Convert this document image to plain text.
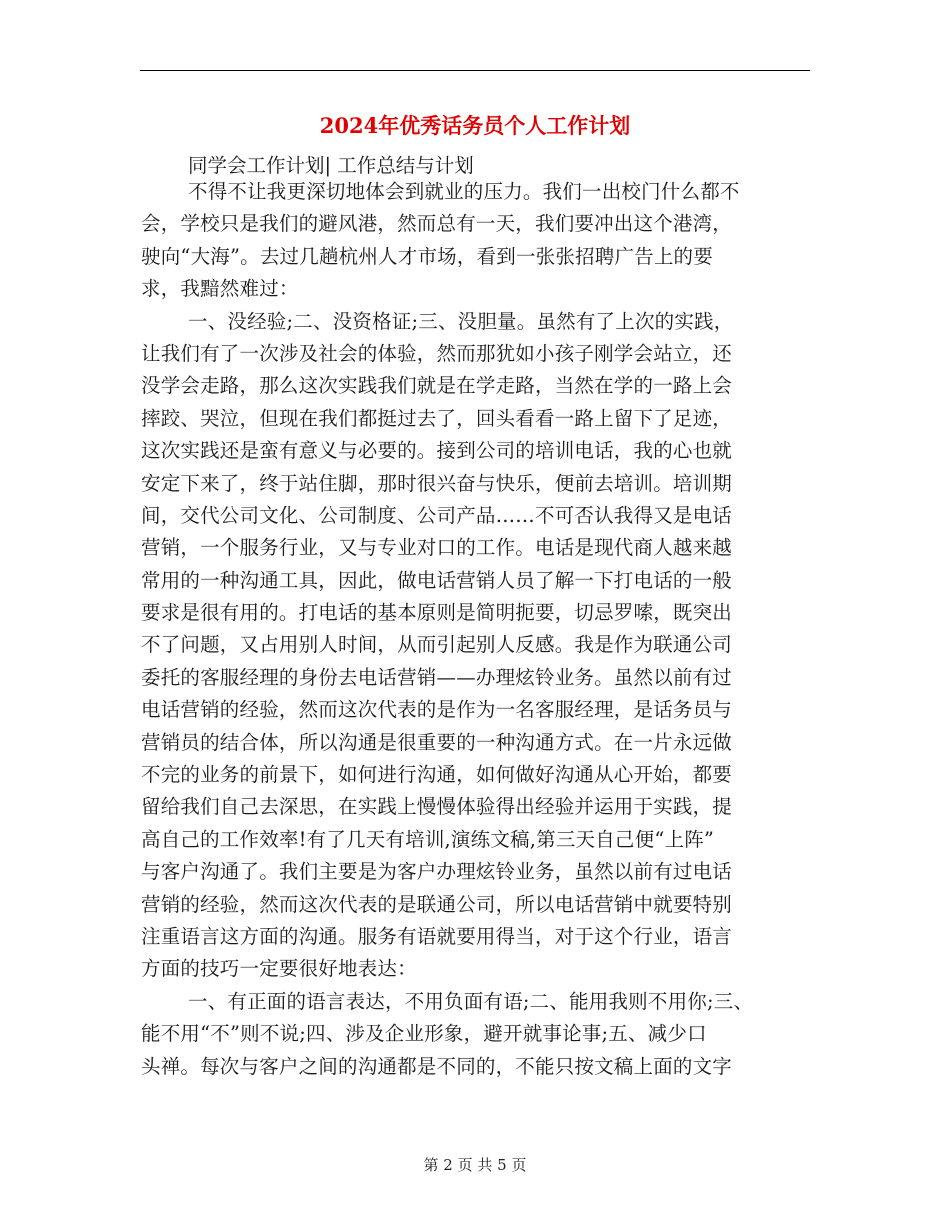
2024年优秀话务员个人工作计划
同学会工作计划| 工作总结与计划
不得不让我更深切地体会到就业的压力。我们一出校门什么都不
会，学校只是我们的避风港，然而总有一天，我们要冲出这个港湾，
驶向“大海”。去过几趟杭州人才市场，看到一张张招聘广告上的要
求，我黯然难过：
一、没经验;二、没资格证;三、没胆量。虽然有了上次的实践，
让我们有了一次涉及社会的体验，然而那犹如小孩子刚学会站立，还
没学会走路，那么这次实践我们就是在学走路，当然在学的一路上会
摔跤、哭泣，但现在我们都挺过去了，回头看看一路上留下了足迹，
这次实践还是蛮有意义与必要的。接到公司的培训电话，我的心也就
安定下来了，终于站住脚，那时很兴奋与快乐，便前去培训。培训期
间，交代公司文化、公司制度、公司产品……不可否认我得又是电话
营销，一个服务行业，又与专业对口的工作。电话是现代商人越来越
常用的一种沟通工具，因此，做电话营销人员了解一下打电话的一般
要求是很有用的。打电话的基本原则是简明扼要，切忌罗嗦，既突出
不了问题，又占用别人时间，从而引起别人反感。我是作为联通公司
委托的客服经理的身份去电话营销——办理炫铃业务。虽然以前有过
电话营销的经验，然而这次代表的是作为一名客服经理，是话务员与
营销员的结合体，所以沟通是很重要的一种沟通方式。在一片永远做
不完的业务的前景下，如何进行沟通，如何做好沟通从心开始，都要
留给我们自己去深思，在实践上慢慢体验得出经验并运用于实践，提
高自己的工作效率!有了几天有培训,演练文稿,第三天自己便“上阵”
与客户沟通了。我们主要是为客户办理炫铃业务，虽然以前有过电话
营销的经验，然而这次代表的是联通公司，所以电话营销中就要特别
注重语言这方面的沟通。服务有语就要用得当，对于这个行业，语言
方面的技巧一定要很好地表达：
一、有正面的语言表达，不用负面有语;二、能用我则不用你;三、
能不用“不”则不说;四、涉及企业形象，避开就事论事;五、减少口
头禅。每次与客户之间的沟通都是不同的，不能只按文稿上面的文字
第 2 页 共 5 页
